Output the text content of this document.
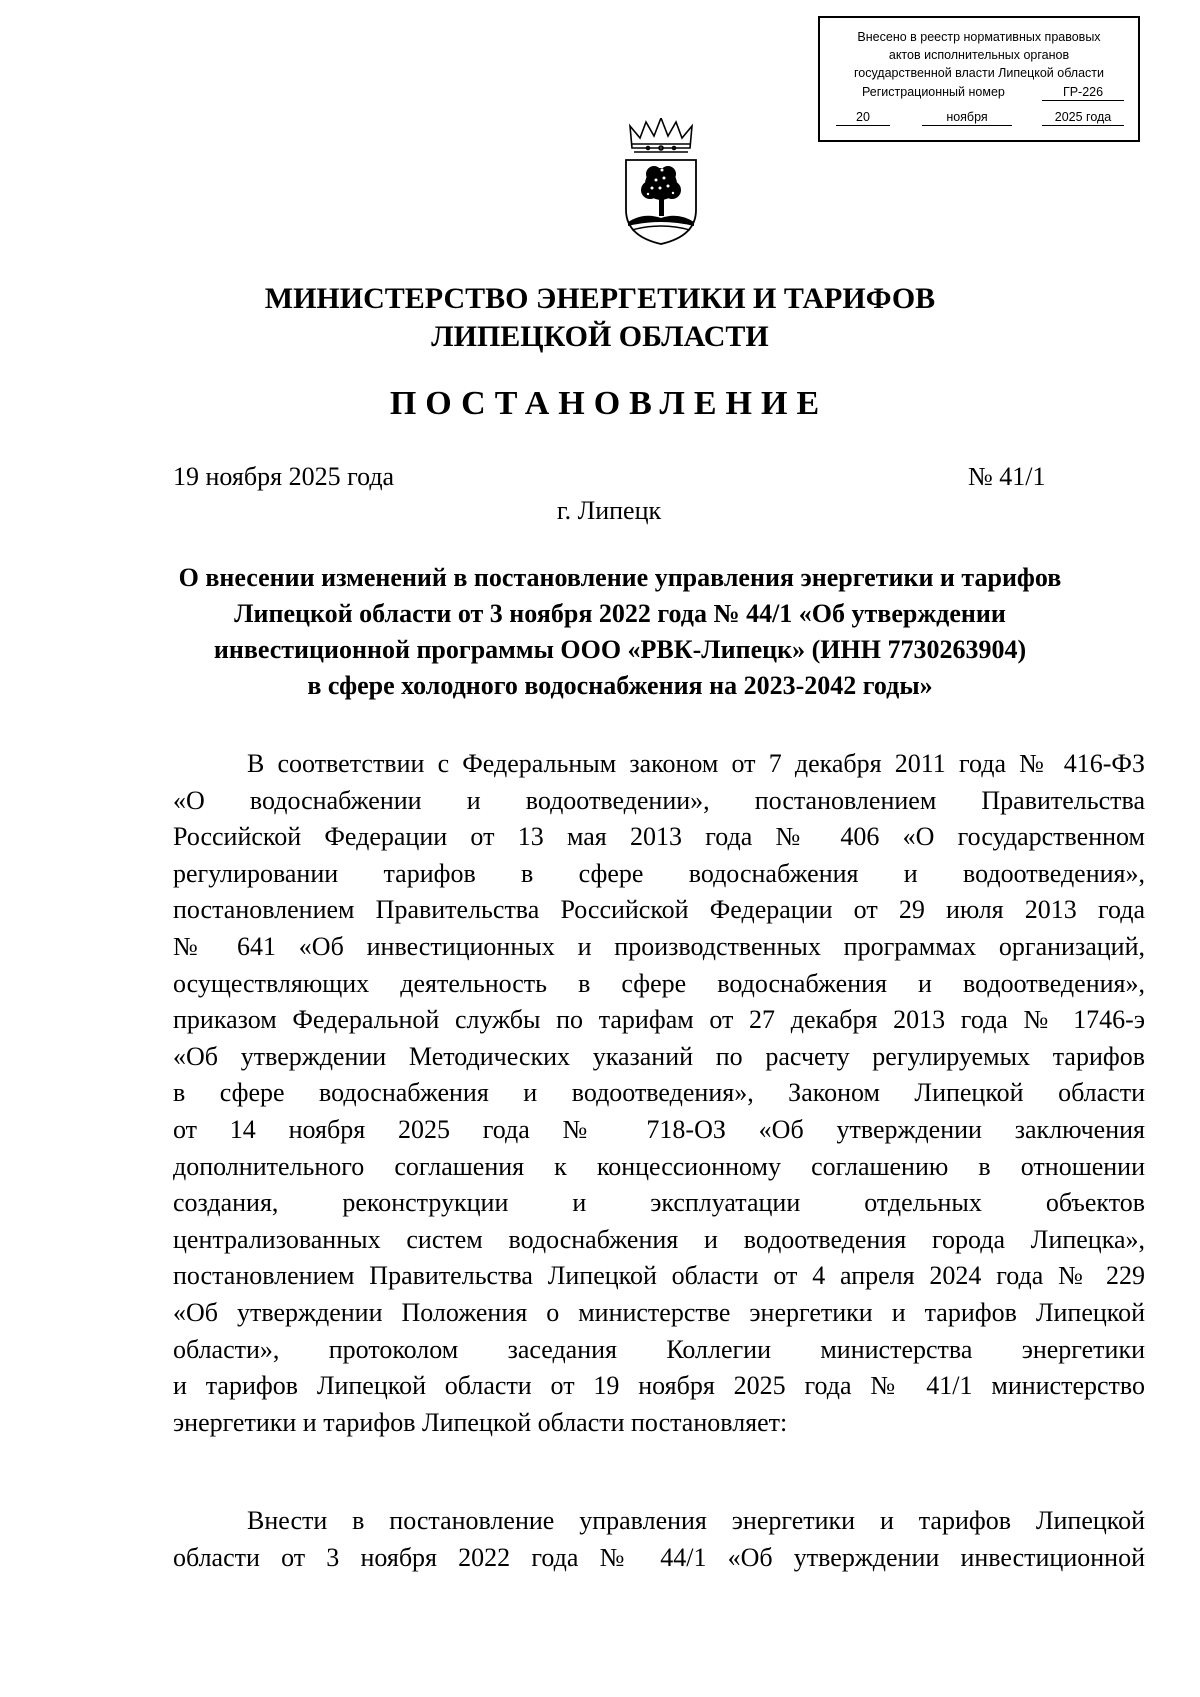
Внесено в реестр нормативных правовых
актов исполнительных органов
государственной власти Липецкой области
Регистрационный номер	ГР-226
20	ноября	2025 года
МИНИСТЕРСТВО ЭНЕРГЕТИКИ И ТАРИФОВ
ЛИПЕЦКОЙ ОБЛАСТИ
ПОСТАНОВЛЕНИЕ
19 ноября 2025 года	№ 41/1
г. Липецк
О внесении изменений в постановление управления энергетики и тарифов
Липецкой области от 3 ноября 2022 года № 44/1 «Об утверждении
инвестиционной программы ООО «РВК-Липецк» (ИНН 7730263904)
в сфере холодного водоснабжения на 2023-2042 годы»
В соответствии с Федеральным законом от 7 декабря 2011 года № 416-ФЗ
«О водоснабжении и водоотведении», постановлением Правительства
Российской Федерации от 13 мая 2013 года № 406 «О государственном
регулировании тарифов в сфере водоснабжения и водоотведения»,
постановлением Правительства Российской Федерации от 29 июля 2013 года
№ 641 «Об инвестиционных и производственных программах организаций,
осуществляющих деятельность в сфере водоснабжения и водоотведения»,
приказом Федеральной службы по тарифам от 27 декабря 2013 года № 1746-э
«Об утверждении Методических указаний по расчету регулируемых тарифов
в сфере водоснабжения и водоотведения», Законом Липецкой области
от 14 ноября 2025 года № 718-ОЗ «Об утверждении заключения
дополнительного соглашения к концессионному соглашению в отношении
создания, реконструкции и эксплуатации отдельных объектов
централизованных систем водоснабжения и водоотведения города Липецка»,
постановлением Правительства Липецкой области от 4 апреля 2024 года № 229
«Об утверждении Положения о министерстве энергетики и тарифов Липецкой
области», протоколом заседания Коллегии министерства энергетики
и тарифов Липецкой области от 19 ноября 2025 года № 41/1 министерство
энергетики и тарифов Липецкой области постановляет:
Внести в постановление управления энергетики и тарифов Липецкой
области от 3 ноября 2022 года № 44/1 «Об утверждении инвестиционной
